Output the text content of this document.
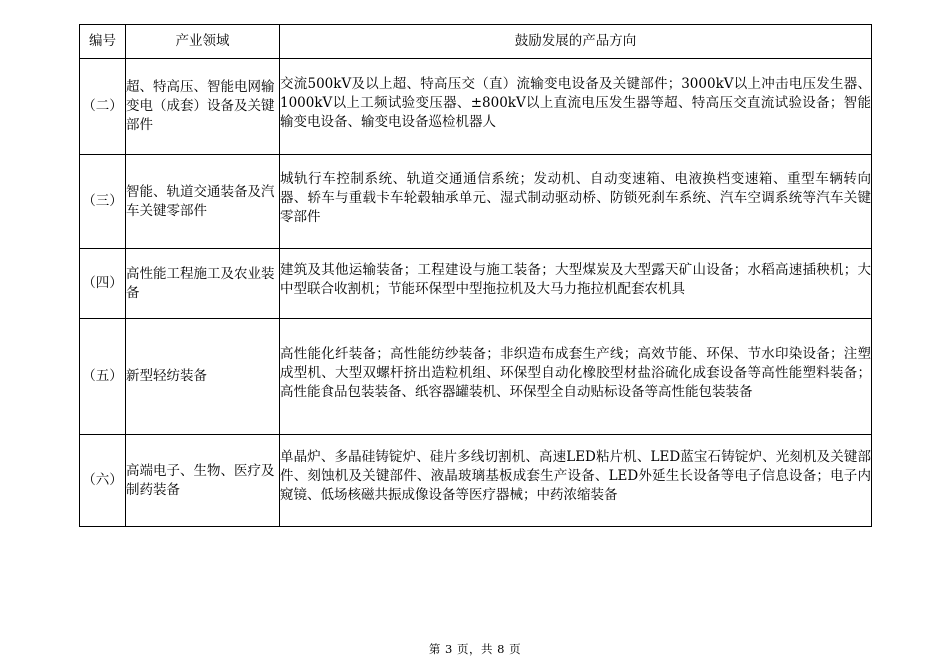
编号	产业领域	鼓励发展的产品方向
（二）	超、特高压、智能电网输变电（成套）设备及关键部件	交流500kV及以上超、特高压交（直）流输变电设备及关键部件；3000kV以上冲击电压发生器、1000kV以上工频试验变压器、±800kV以上直流电压发生器等超、特高压交直流试验设备；智能输变电设备、输变电设备巡检机器人

（三）	智能、轨道交通装备及汽车关键零部件	城轨行车控制系统、轨道交通通信系统；发动机、自动变速箱、电液换档变速箱、重型车辆转向器、轿车与重载卡车轮毂轴承单元、湿式制动驱动桥、防锁死刹车系统、汽车空调系统等汽车关键零部件

（四）	高性能工程施工及农业装备	建筑及其他运输装备；工程建设与施工装备；大型煤炭及大型露天矿山设备；水稻高速插秧机；大中型联合收割机；节能环保型中型拖拉机及大马力拖拉机配套农机具

（五）	新型轻纺装备	高性能化纤装备；高性能纺纱装备；非织造布成套生产线；高效节能、环保、节水印染设备；注塑成型机、大型双螺杆挤出造粒机组、环保型自动化橡胶型材盐浴硫化成套设备等高性能塑料装备；高性能食品包装装备、纸容器罐装机、环保型全自动贴标设备等高性能包装装备

（六）	高端电子、生物、医疗及制药装备	单晶炉、多晶硅铸锭炉、硅片多线切割机、高速LED粘片机、LED蓝宝石铸锭炉、光刻机及关键部件、刻蚀机及关键部件、液晶玻璃基板成套生产设备、LED外延生长设备等电子信息设备；电子内窥镜、低场核磁共振成像设备等医疗器械；中药浓缩装备
第 3 页，共 8 页
